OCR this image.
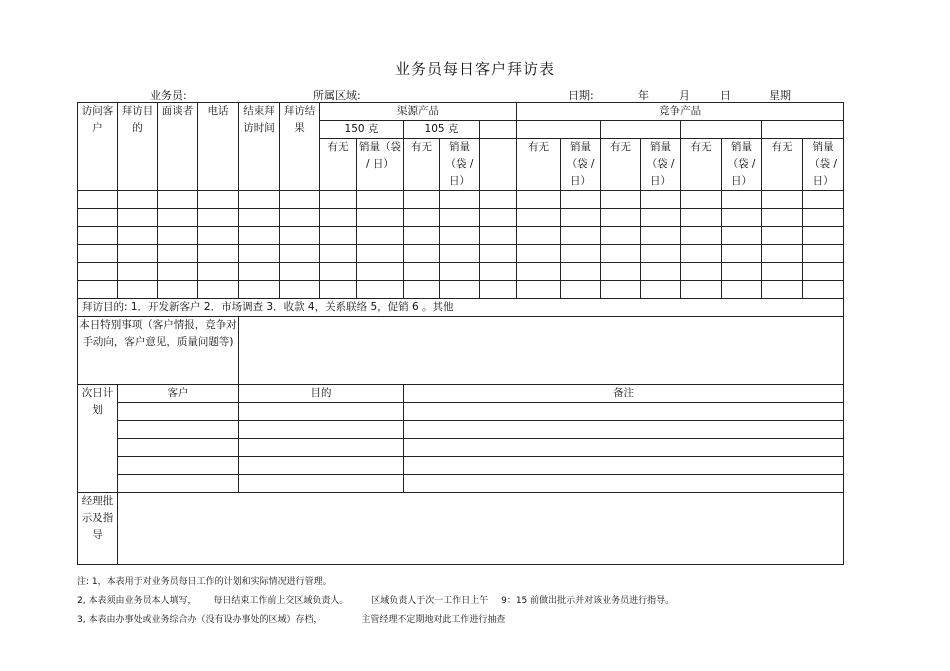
业务员每日客户拜访表
业务员:	所属区域:	日期:	年	月	日	星期
访问客户	拜访目的	面谈者	电话	结束拜访时间	拜访结果	渠源产品					竞争产品							
						150 克		105 克										
						有无	销量（袋 / 日）	有无	销量（袋 / 日）		有无	销量（袋 / 日）	有无	销量（袋 / 日）	有无	销量（袋 / 日）	有无	销量（袋 / 日）

拜访目的: 1．开发新客户 2．市场调查 3．收款 4，关系联络 5，促销 6 。其他																		
本日特别事项（客户情报，竞争对手动向，客户意见，质量问题等)																		
次日计划	客户			目的				备注										

经理批示及指导																		
注: 1，本表用于对业务员每日工作的计划和实际情况进行管理。
2, 本表须由业务员本人填写， 每日结束工作前上交区域负责人。	区域负责人于次一工作日上午 9：15 前做出批示并对该业务员进行指导。
3, 本表由办事处或业务综合办（没有设办事处的区域）存档，	主管经理不定期地对此工作进行抽查
